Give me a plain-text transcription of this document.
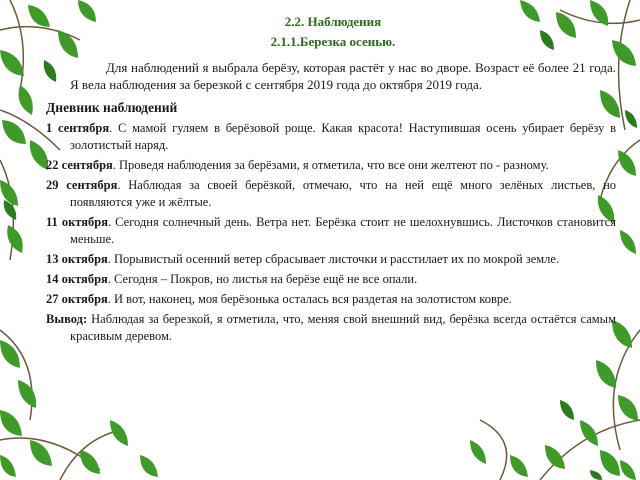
2.2. Наблюдения
2.1.1.Березка осенью.
Для наблюдений я выбрала берёзу, которая растёт у нас во дворе. Возраст её более 21 года. Я вела наблюдения за березкой с сентября 2019 года до октября 2019 года.
Дневник наблюдений
1 сентября. С мамой гуляем в берёзовой роще. Какая красота! Наступившая осень убирает берёзу в золотистый наряд.
22 сентября. Проведя наблюдения за берёзами, я отметила, что все они желтеют по - разному.
29 сентября. Наблюдая за своей берёзкой, отмечаю, что на ней ещё много зелёных листьев, но появляются уже и жёлтые.
11 октября. Сегодня солнечный день. Ветра нет. Берёзка стоит не шелохнувшись. Листочков становится меньше.
13 октября. Порывистый осенний ветер сбрасывает листочки и расстилает их по мокрой земле.
14 октября. Сегодня – Покров, но листья на берёзе ещё не все опали.
27 октября. И вот, наконец, моя берёзонька осталась вся раздетая на золотистом ковре.
Вывод: Наблюдая за березкой, я отметила, что, меняя свой внешний вид, берёзка всегда остаётся самым красивым деревом.
